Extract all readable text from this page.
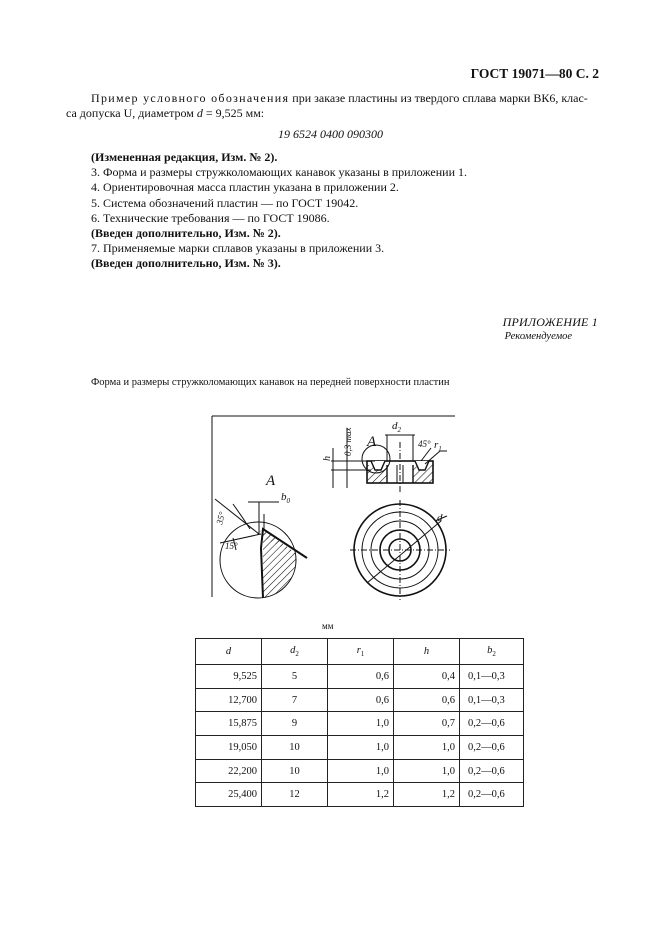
ГОСТ 19071—80 С. 2
Пример условного обозначения при заказе пластины из твердого сплава марки ВК6, клас-
са допуска U, диаметром d = 9,525 мм:
19 6524 0400 090300
(Измененная редакция, Изм. № 2).
3. Форма и размеры стружколомающих канавок указаны в приложении 1.
4. Ориентировочная масса пластин указана в приложении 2.
5. Система обозначений пластин — по ГОСТ 19042.
6. Технические требования — по ГОСТ 19086.
(Введен дополнительно, Изм. № 2).
7. Применяемые марки сплавов указаны в приложении 3.
(Введен дополнительно, Изм. № 3).
ПРИЛОЖЕНИЕ 1
Рекомендуемое
Форма и размеры стружколомающих канавок на передней поверхности пластин
A
A
$b_0$
35°
15°
h
0,3 max
$d_2$
45° $r_1$
d
мм
d	$d_2$	$r_1$	h	$b_2$
9,525	5	0,6	0,4	0,1—0,3
12,700	7	0,6	0,6	0,1—0,3
15,875	9	1,0	0,7	0,2—0,6
19,050	10	1,0	1,0	0,2—0,6
22,200	10	1,0	1,0	0,2—0,6
25,400	12	1,2	1,2	0,2—0,6
